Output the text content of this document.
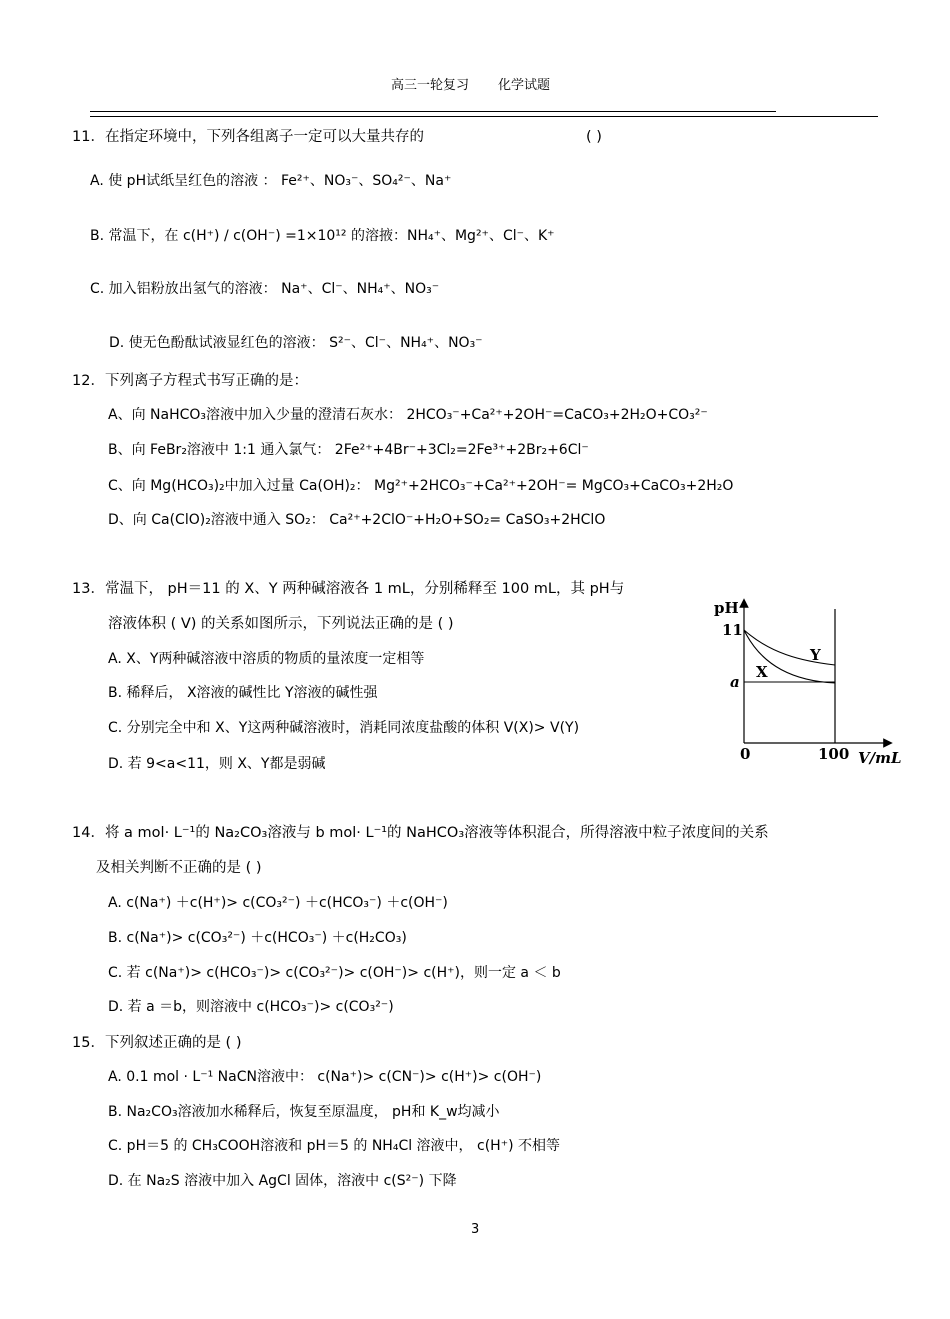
高三一轮复习 化学试题
11．在指定环境中，下列各组离子一定可以大量共存的	( )
A. 使 pH试纸呈红色的溶液 ： Fe²⁺、NO₃⁻、SO₄²⁻、Na⁺
B. 常温下，在 c(H⁺) / c(OH⁻) =1×10¹² 的溶掖：NH₄⁺、Mg²⁺、Cl⁻、K⁺
C. 加入铝粉放出氢气的溶液： Na⁺、Cl⁻、NH₄⁺、NO₃⁻
D. 使无色酚酞试液显红色的溶液： S²⁻、Cl⁻、NH₄⁺、NO₃⁻
12．下列离子方程式书写正确的是：
A、向 NaHCO₃溶液中加入少量的澄清石灰水： 2HCO₃⁻+Ca²⁺+2OH⁻=CaCO₃+2H₂O+CO₃²⁻
B、向 FeBr₂溶液中 1:1 通入氯气： 2Fe²⁺+4Br⁻+3Cl₂=2Fe³⁺+2Br₂+6Cl⁻
C、向 Mg(HCO₃)₂中加入过量 Ca(OH)₂： Mg²⁺+2HCO₃⁻+Ca²⁺+2OH⁻= MgCO₃+CaCO₃+2H₂O
D、向 Ca(ClO)₂溶液中通入 SO₂： Ca²⁺+2ClO⁻+H₂O+SO₂= CaSO₃+2HClO
13．常温下， pH＝11 的 X、Y 两种碱溶液各 1 mL，分别稀释至 100 mL，其 pH与
溶液体积 ( V) 的关系如图所示，下列说法正确的是 ( )
A. X、Y两种碱溶液中溶质的物质的量浓度一定相等
B. 稀释后， X溶液的碱性比 Y溶液的碱性强
C. 分别完全中和 X、Y这两种碱溶液时，消耗同浓度盐酸的体积 V(X)> V(Y)
D. 若 9<a<11，则 X、Y都是弱碱
pH
11
a
X
Y
0	100 V/mL
14．将 a mol· L⁻¹的 Na₂CO₃溶液与 b mol· L⁻¹的 NaHCO₃溶液等体积混合，所得溶液中粒子浓度间的关系
及相关判断不正确的是 ( )
A. c(Na⁺) ＋c(H⁺)> c(CO₃²⁻) ＋c(HCO₃⁻) ＋c(OH⁻)
B. c(Na⁺)> c(CO₃²⁻) ＋c(HCO₃⁻) ＋c(H₂CO₃)
C. 若 c(Na⁺)> c(HCO₃⁻)> c(CO₃²⁻)> c(OH⁻)> c(H⁺)，则一定 a ＜ b
D. 若 a ＝b，则溶液中 c(HCO₃⁻)> c(CO₃²⁻)
15．下列叙述正确的是 ( )
A. 0.1 mol · L⁻¹ NaCN溶液中： c(Na⁺)> c(CN⁻)> c(H⁺)> c(OH⁻)
B. Na₂CO₃溶液加水稀释后，恢复至原温度， pH和 K_w均减小
C. pH＝5 的 CH₃COOH溶液和 pH＝5 的 NH₄Cl 溶液中， c(H⁺) 不相等
D. 在 Na₂S 溶液中加入 AgCl 固体，溶液中 c(S²⁻) 下降
3
